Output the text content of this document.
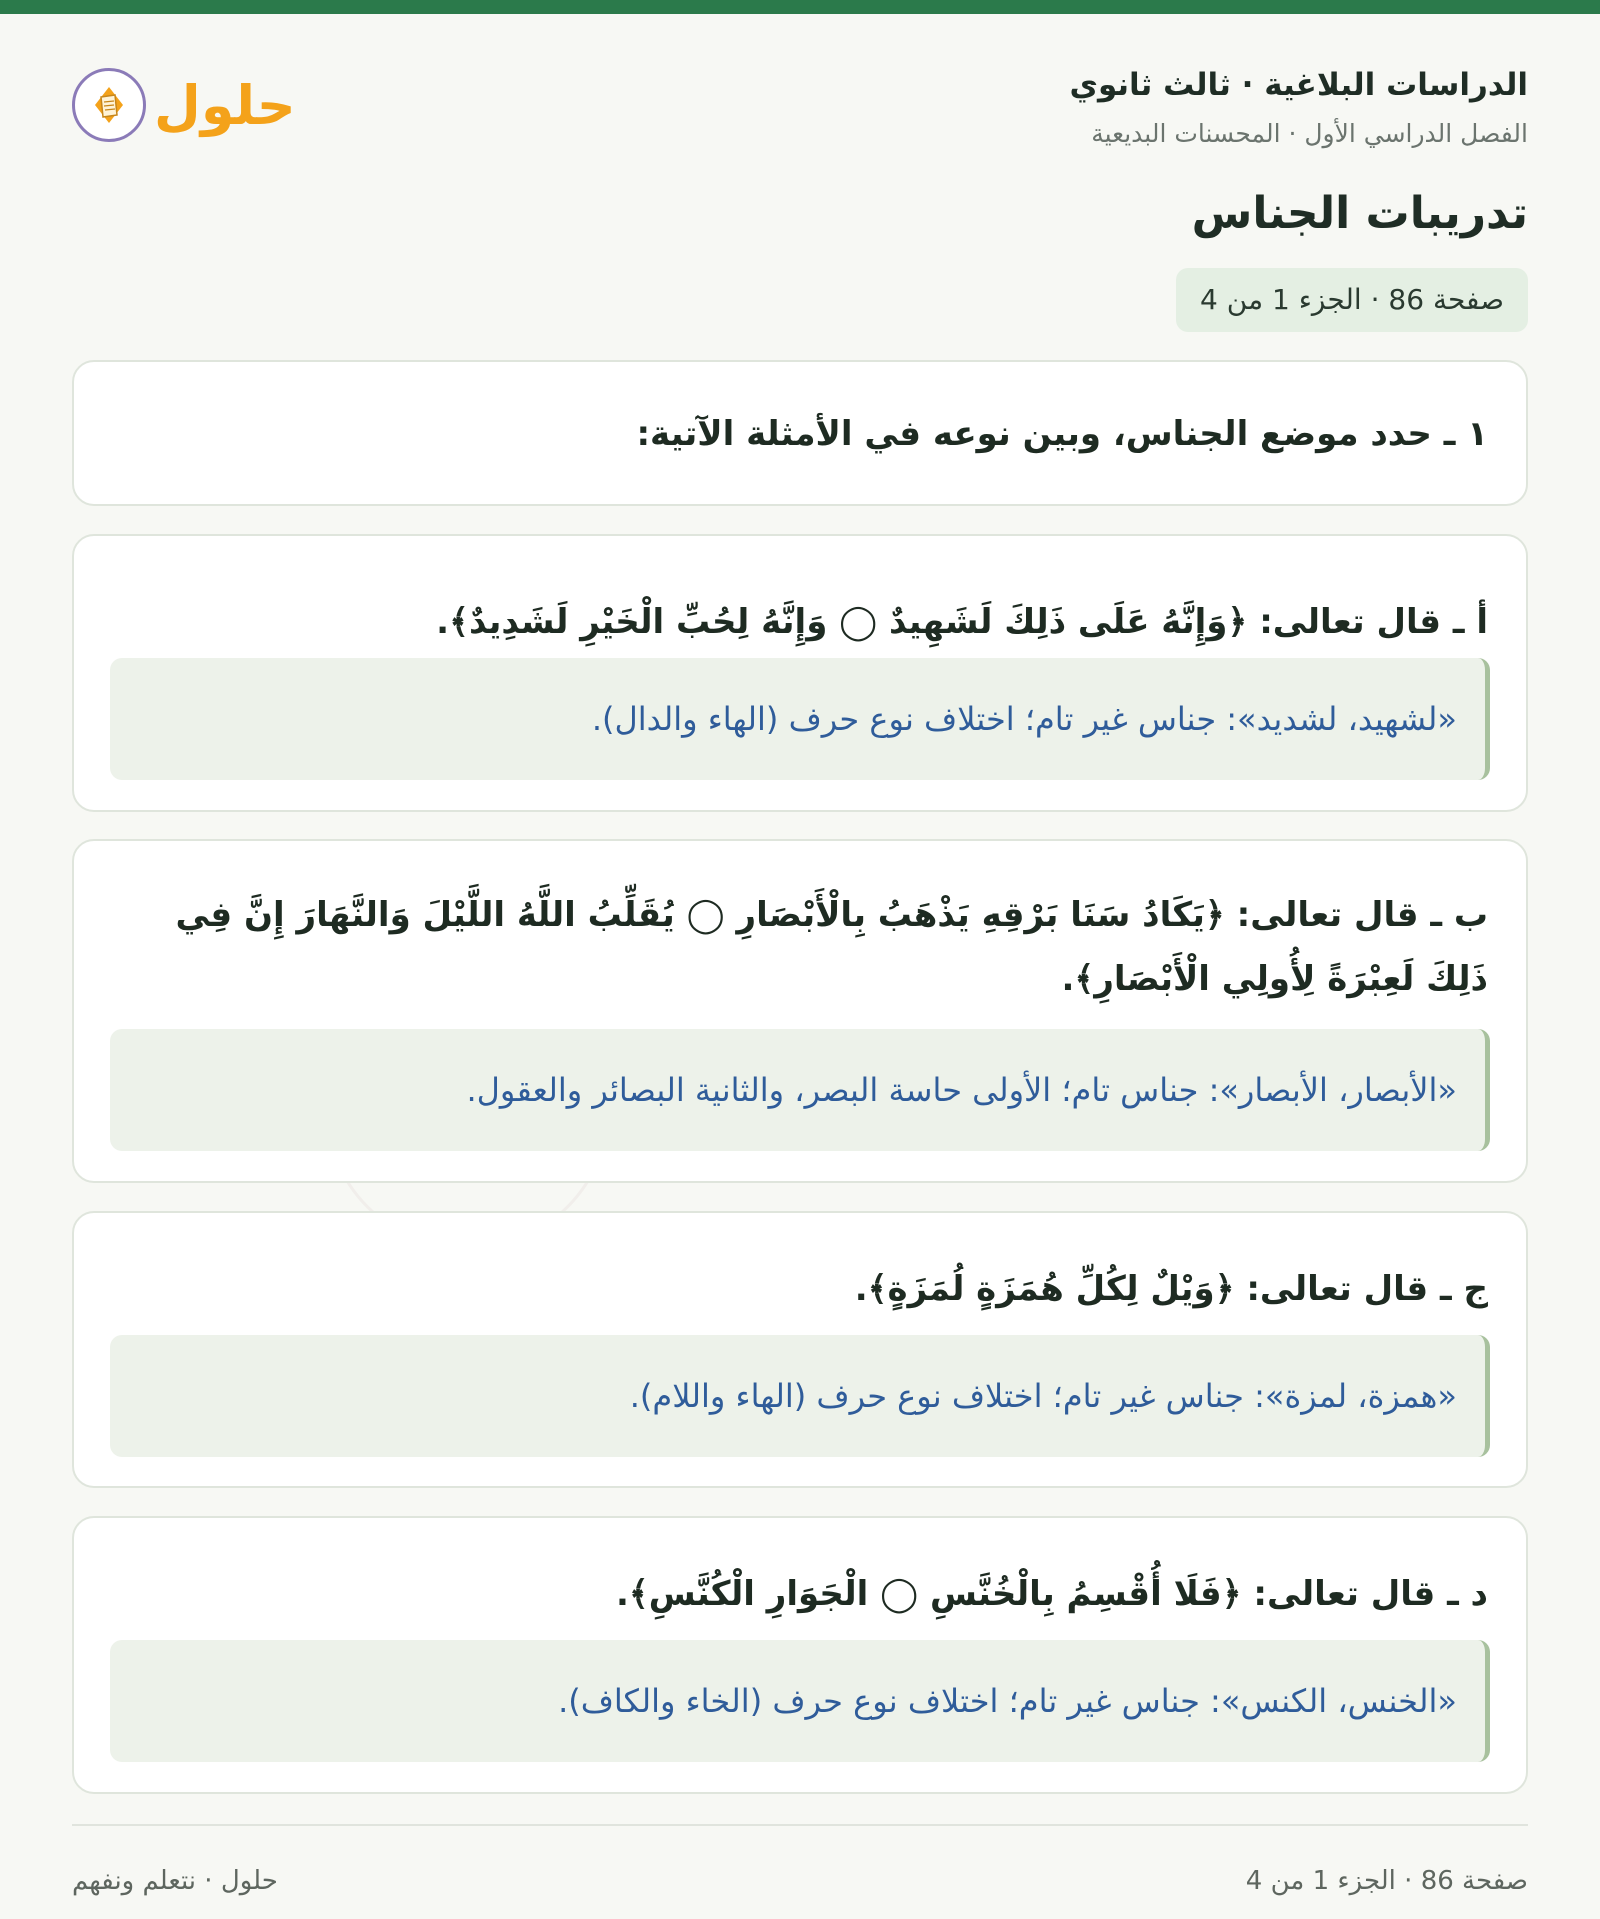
الدراسات البلاغية · ثالث ثانوي
الفصل الدراسي الأول · المحسنات البديعية
حلول
تدريبات الجناس
صفحة 86 · الجزء 1 من 4
١ ـ حدد موضع الجناس، وبين نوعه في الأمثلة الآتية:
أ ـ قال تعالى: ﴿وَإِنَّهُ عَلَى ذَلِكَ لَشَهِيدٌ ◯ وَإِنَّهُ لِحُبِّ الْخَيْرِ لَشَدِيدٌ﴾.
«لشهيد، لشديد»: جناس غير تام؛ اختلاف نوع حرف (الهاء والدال).
ب ـ قال تعالى: ﴿يَكَادُ سَنَا بَرْقِهِ يَذْهَبُ بِالْأَبْصَارِ ◯ يُقَلِّبُ اللَّهُ اللَّيْلَ وَالنَّهَارَ إِنَّ فِي ذَلِكَ لَعِبْرَةً لِأُولِي الْأَبْصَارِ﴾.
«الأبصار، الأبصار»: جناس تام؛ الأولى حاسة البصر، والثانية البصائر والعقول.
ج ـ قال تعالى: ﴿وَيْلٌ لِكُلِّ هُمَزَةٍ لُمَزَةٍ﴾.
«همزة، لمزة»: جناس غير تام؛ اختلاف نوع حرف (الهاء واللام).
د ـ قال تعالى: ﴿فَلَا أُقْسِمُ بِالْخُنَّسِ ◯ الْجَوَارِ الْكُنَّسِ﴾.
«الخنس، الكنس»: جناس غير تام؛ اختلاف نوع حرف (الخاء والكاف).
صفحة 86 · الجزء 1 من 4
حلول · نتعلم ونفهم
